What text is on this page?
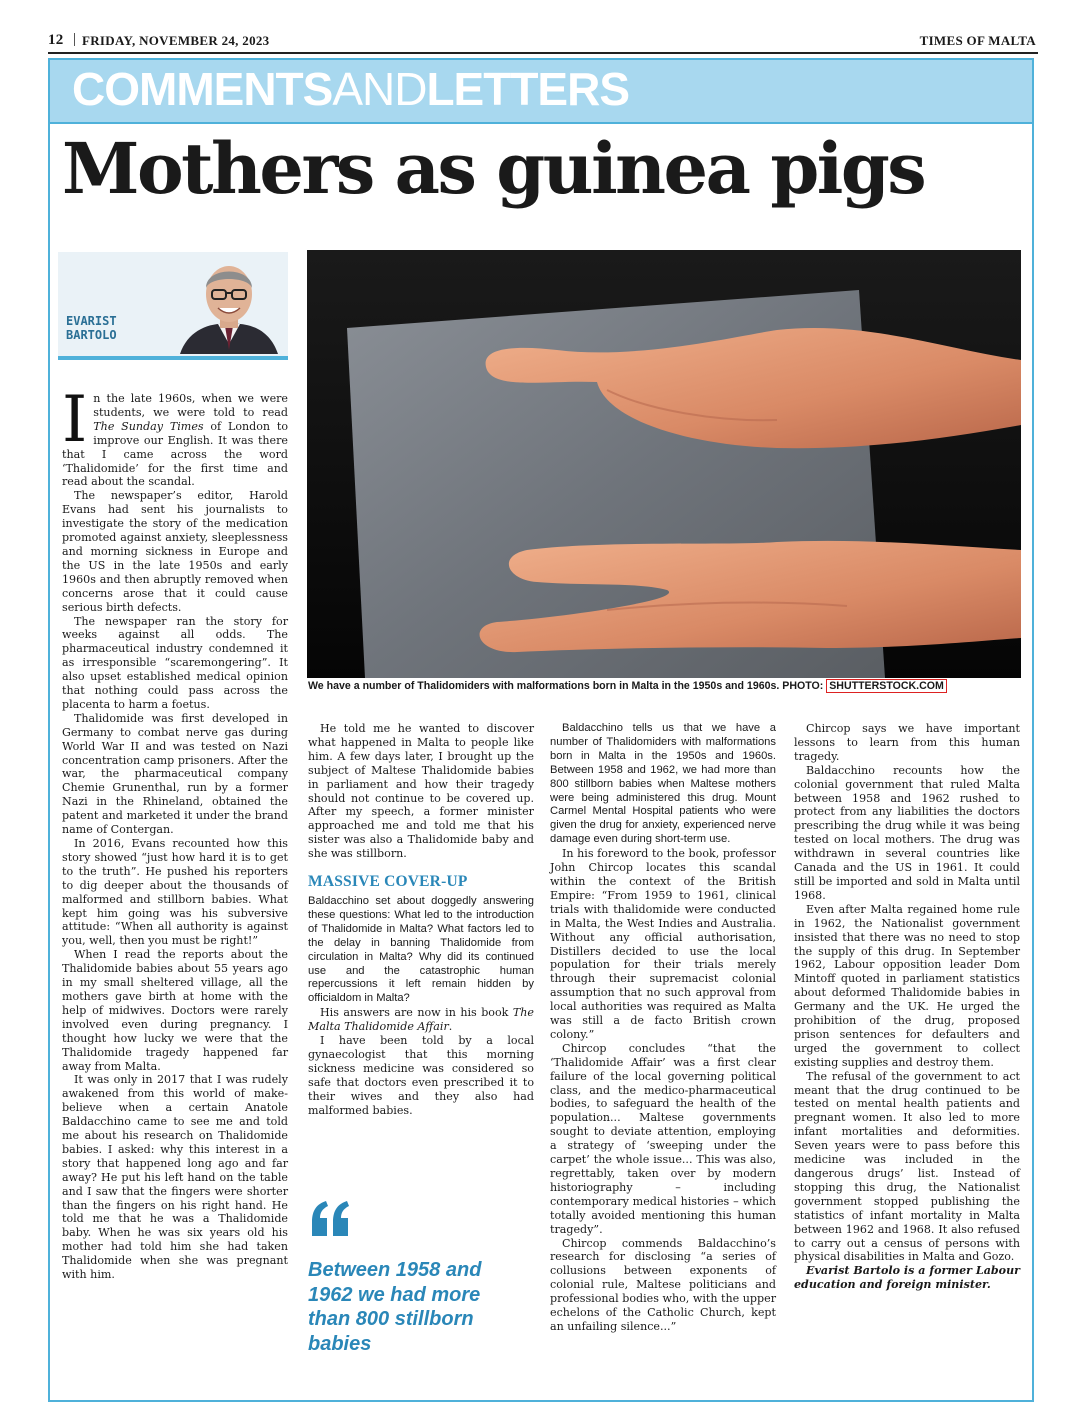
12 FRIDAY, NOVEMBER 24, 2023	TIMES OF MALTA
COMMENTSANDLETTERS
Mothers as guinea pigs
EVARIST
BARTOLO
We have a number of Thalidomiders with malformations born in Malta in the 1950s and 1960s. PHOTO: SHUTTERSTOCK.COM

In the late 1960s, when we were students, we were told to read The Sunday Times of London to improve our English. It was there that I came across the word ‘Thalidomide’ for the first time and read about the scandal.

The newspaper’s editor, Harold Evans had sent his journalists to investigate the story of the medication promoted against anxiety, sleeplessness and morning sickness in Europe and the US in the late 1950s and early 1960s and then abruptly removed when concerns arose that it could cause serious birth defects.

The newspaper ran the story for weeks against all odds. The pharmaceutical industry condemned it as irresponsible “scaremongering”. It also upset established medical opinion that nothing could pass across the placenta to harm a foetus.

Thalidomide was first developed in Germany to combat nerve gas during World War II and was tested on Nazi concentration camp prisoners. After the war, the pharmaceutical company Chemie Grunenthal, run by a former Nazi in the Rhineland, obtained the patent and marketed it under the brand name of Contergan.

In 2016, Evans recounted how this story showed “just how hard it is to get to the truth”. He pushed his reporters to dig deeper about the thousands of malformed and stillborn babies. What kept him going was his subversive attitude: “When all authority is against you, well, then you must be right!”

When I read the reports about the Thalidomide babies about 55 years ago in my small sheltered village, all the mothers gave birth at home with the help of midwives. Doctors were rarely involved even during pregnancy. I thought how lucky we were that the Thalidomide tragedy happened far away from Malta.

It was only in 2017 that I was rudely awakened from this world of make-believe when a certain Anatole Baldacchino came to see me and told me about his research on Thalidomide babies. I asked: why this interest in a story that happened long ago and far away? He put his left hand on the table and I saw that the fingers were shorter than the fingers on his right hand. He told me that he was a Thalidomide baby. When he was six years old his mother had told him she had taken Thalidomide when she was pregnant with him.

He told me he wanted to discover what happened in Malta to people like him. A few days later, I brought up the subject of Maltese Thalidomide babies in parliament and how their tragedy should not continue to be covered up. After my speech, a former minister approached me and told me that his sister was also a Thalidomide baby and she was stillborn.

MASSIVE COVER-UP

Baldacchino set about doggedly answering these questions: What led to the introduction of Thalidomide in Malta? What factors led to the delay in banning Thalidomide from circulation in Malta? Why did its continued use and the catastrophic human repercussions it left remain hidden by officialdom in Malta?

His answers are now in his book The Malta Thalidomide Affair.

I have been told by a local gynaecologist that this morning sickness medicine was considered so safe that doctors even prescribed it to their wives and they also had malformed babies.

Between 1958 and 1962 we had more than 800 stillborn babies

Baldacchino tells us that we have a number of Thalidomiders with malformations born in Malta in the 1950s and 1960s. Between 1958 and 1962, we had more than 800 stillborn babies when Maltese mothers were being administered this drug. Mount Carmel Mental Hospital patients who were given the drug for anxiety, experienced nerve damage even during short-term use.

In his foreword to the book, professor John Chircop locates this scandal within the context of the British Empire: “From 1959 to 1961, clinical trials with thalidomide were conducted in Malta, the West Indies and Australia. Without any official authorisation, Distillers decided to use the local population for their trials merely through their supremacist colonial assumption that no such approval from local authorities was required as Malta was still a de facto British crown colony.”

Chircop concludes “that the ‘Thalidomide Affair’ was a first clear failure of the local governing political class, and the medico-pharmaceutical bodies, to safeguard the health of the population... Maltese governments sought to deviate attention, employing a strategy of ‘sweeping under the carpet’ the whole issue... This was also, regrettably, taken over by modern historiography – including contemporary medical histories – which totally avoided mentioning this human tragedy”.

Chircop commends Baldacchino’s research for disclosing “a series of collusions between exponents of colonial rule, Maltese politicians and professional bodies who, with the upper echelons of the Catholic Church, kept an unfailing silence...”

Chircop says we have important lessons to learn from this human tragedy.

Baldacchino recounts how the colonial government that ruled Malta between 1958 and 1962 rushed to protect from any liabilities the doctors prescribing the drug while it was being tested on local mothers. The drug was withdrawn in several countries like Canada and the US in 1961. It could still be imported and sold in Malta until 1968.

Even after Malta regained home rule in 1962, the Nationalist government insisted that there was no need to stop the supply of this drug. In September 1962, Labour opposition leader Dom Mintoff quoted in parliament statistics about deformed Thalidomide babies in Germany and the UK. He urged the prohibition of the drug, proposed prison sentences for defaulters and urged the government to collect existing supplies and destroy them.

The refusal of the government to act meant that the drug continued to be tested on mental health patients and pregnant women. It also led to more infant mortalities and deformities. Seven years were to pass before this medicine was included in the dangerous drugs’ list. Instead of stopping this drug, the Nationalist government stopped publishing the statistics of infant mortality in Malta between 1962 and 1968. It also refused to carry out a census of persons with physical disabilities in Malta and Gozo.

Evarist Bartolo is a former Labour education and foreign minister.
